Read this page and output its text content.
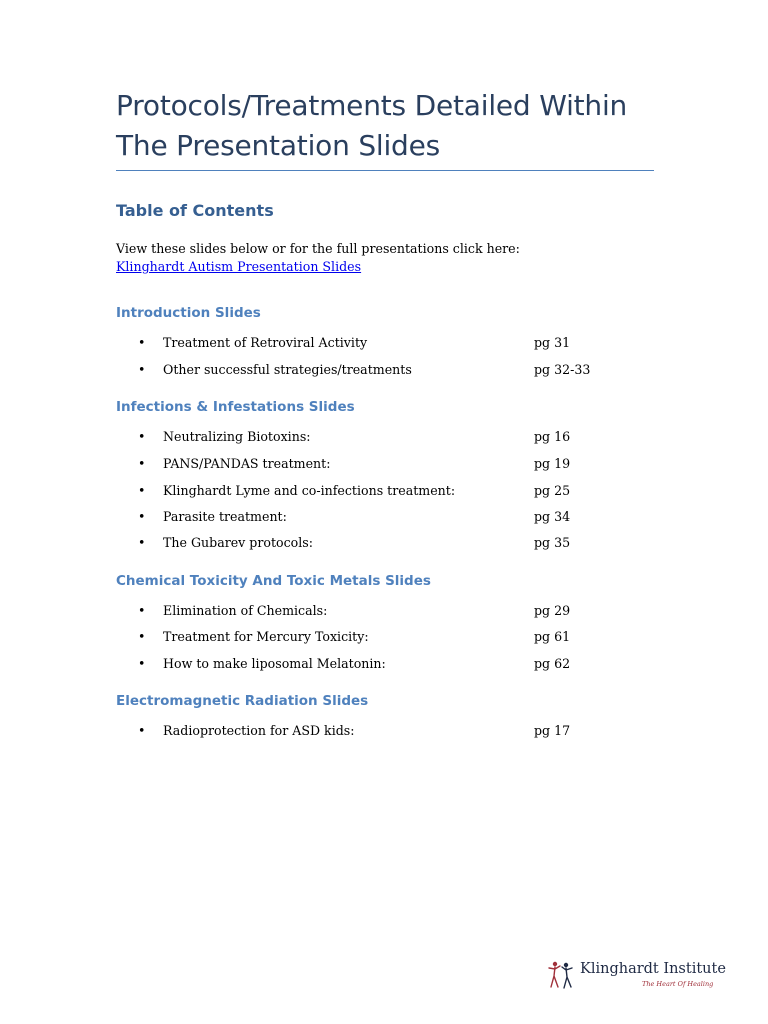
Protocols/Treatments Detailed Within
The Presentation Slides
Table of Contents
View these slides below or for the full presentations click here:
Klinghardt Autism Presentation Slides
Introduction Slides
• Treatment of Retroviral Activity	pg 31
• Other successful strategies/treatments	pg 32-33
Infections & Infestations Slides
• Neutralizing Biotoxins:	pg 16
• PANS/PANDAS treatment:	pg 19
• Klinghardt Lyme and co-infections treatment:	pg 25
• Parasite treatment:	pg 34
• The Gubarev protocols:	pg 35
Chemical Toxicity And Toxic Metals Slides
• Elimination of Chemicals:	pg 29
• Treatment for Mercury Toxicity:	pg 61
• How to make liposomal Melatonin:	pg 62
Electromagnetic Radiation Slides
• Radioprotection for ASD kids:	pg 17
Klinghardt Institute
The Heart Of Healing
